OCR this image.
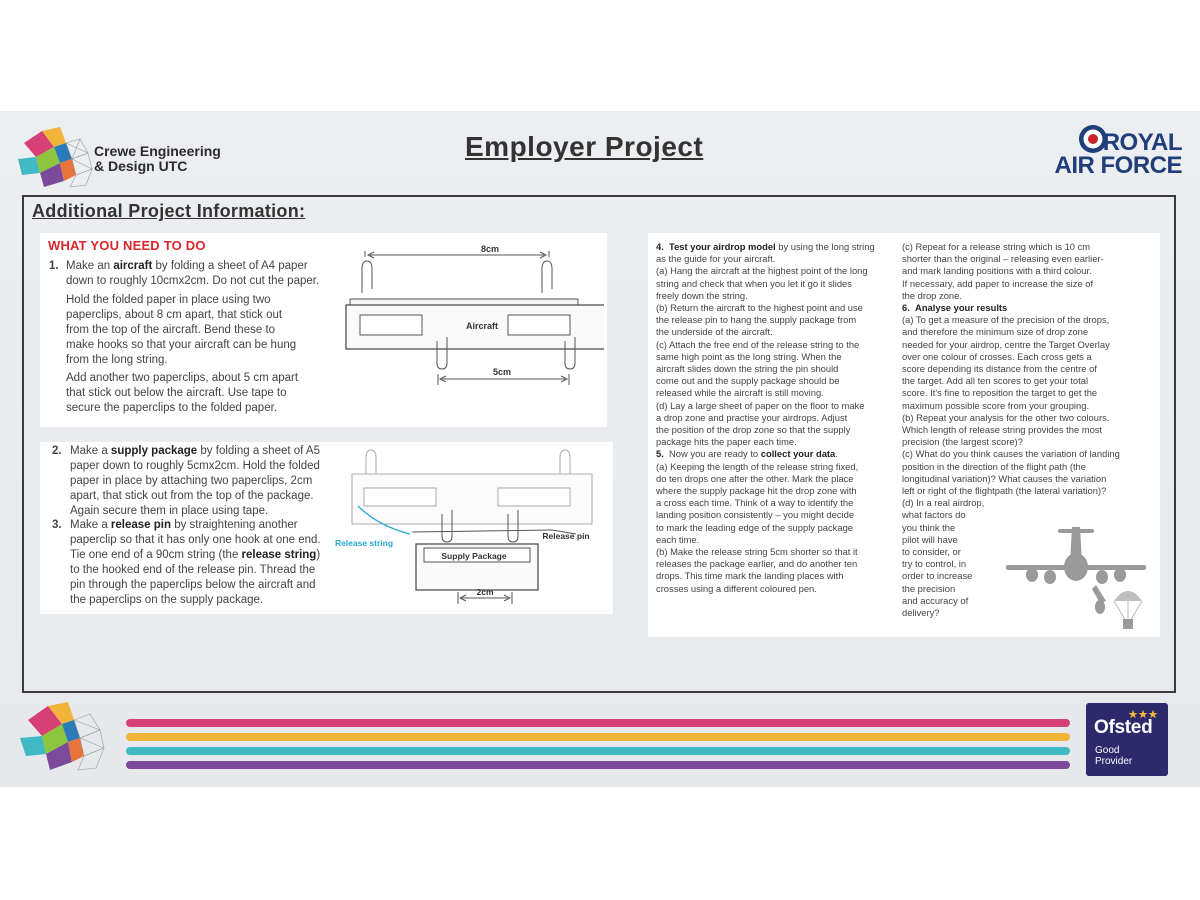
Crewe Engineering
& Design UTC
Employer Project	ROYAL
AIR FORCE
Additional Project Information:
WHAT YOU NEED TO DO
1. Make an aircraft by folding a sheet of A4 paper
down to roughly 10cmx2cm. Do not cut the paper.
Hold the folded paper in place using two
paperclips, about 8 cm apart, that stick out
from the top of the aircraft. Bend these to
make hooks so that your aircraft can be hung
from the long string.
Add another two paperclips, about 5 cm apart
that stick out below the aircraft. Use tape to
secure the paperclips to the folded paper.
8cm
Aircraft
5cm
2. Make a supply package by folding a sheet of A5
paper down to roughly 5cmx2cm. Hold the folded
paper in place by attaching two paperclips, 2cm
apart, that stick out from the top of the package.
Again secure them in place using tape.
3. Make a release pin by straightening another
paperclip so that it has only one hook at one end.
Tie one end of a 90cm string (the release string)
to the hooked end of the release pin. Thread the
pin through the paperclips below the aircraft and
the paperclips on the supply package.
Release string
Release pin
Supply Package
2cm
4. Test your airdrop model by using the long string
as the guide for your aircraft.
(a) Hang the aircraft at the highest point of the long
string and check that when you let it go it slides
freely down the string.
(b) Return the aircraft to the highest point and use
the release pin to hang the supply package from
the underside of the aircraft.
(c) Attach the free end of the release string to the
same high point as the long string. When the
aircraft slides down the string the pin should
come out and the supply package should be
released while the aircraft is still moving.
(d) Lay a large sheet of paper on the floor to make
a drop zone and practise your airdrops. Adjust
the position of the drop zone so that the supply
package hits the paper each time.
5.  Now you are ready to collect your data.
(a) Keeping the length of the release string fixed,
do ten drops one after the other. Mark the place
where the supply package hit the drop zone with
a cross each time. Think of a way to identify the
landing position consistently – you might decide
to mark the leading edge of the supply package
each time.
(b) Make the release string 5cm shorter so that it
releases the package earlier, and do another ten
drops. This time mark the landing places with
crosses using a different coloured pen.
(c) Repeat for a release string which is 10 cm
shorter than the original – releasing even earlier-
and mark landing positions with a third colour.
If necessary, add paper to increase the size of
the drop zone.
6. Analyse your results
(a) To get a measure of the precision of the drops,
and therefore the minimum size of drop zone
needed for your airdrop, centre the Target Overlay
over one colour of crosses. Each cross gets a
score depending its distance from the centre of
the target. Add all ten scores to get your total
score. It's fine to reposition the target to get the
maximum possible score from your grouping.
(b) Repeat your analysis for the other two colours.
Which length of release string provides the most
precision (the largest score)?
(c) What do you think causes the variation of landing
position in the direction of the flight path (the
longitudinal variation)? What causes the variation
left or right of the flightpath (the lateral variation)?
(d) In a real airdrop,
what factors do
you think the
pilot will have
to consider, or
try to control, in
order to increase
the precision
and accuracy of
delivery?
Ofsted
Good
Provider
